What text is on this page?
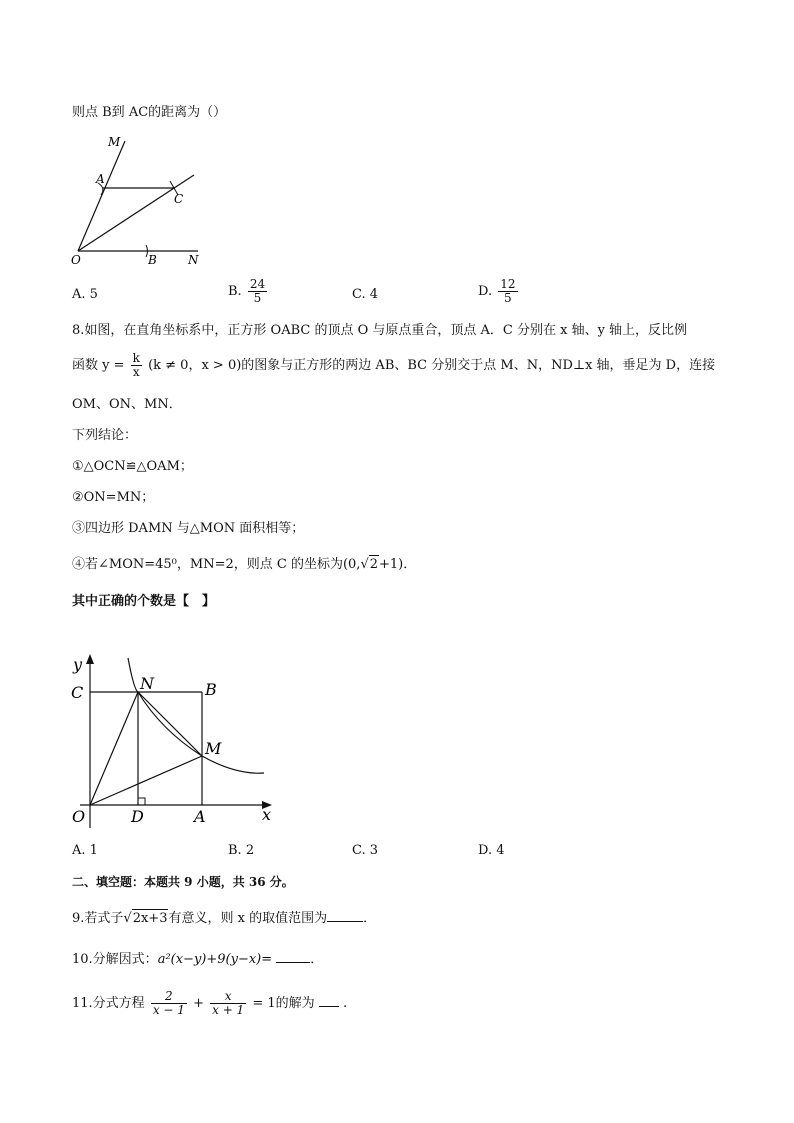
则点 B到 AC的距离为（）
M
A
C
O	B	N
A. 5	B. $\frac{24}{5}$	C. 4	D. $\frac{12}{5}$
8.如图，在直角坐标系中，正方形 OABC 的顶点 O 与原点重合，顶点 A．C 分别在 x 轴、y 轴上，反比例
函数 $y = \frac{k}{x} (k \ne 0$，x > 0)的图象与正方形的两边 AB、BC 分别交于点 M、N，ND⊥x 轴，垂足为 D，连接
OM、ON、MN．
下列结论：
①△OCN≌△OAM；
②ON=MN；
③四边形 DAMN 与△MON 面积相等；
④若∠MON=45⁰，MN=2，则点 C 的坐标为(0,√2+1)．
其中正确的个数是【　】
y
C	N	B
M
O	D	A	x
A. 1	B. 2	C. 3	D. 4
二、填空题：本题共 9 小题，共 36 分。
9.若式子√2x+3有意义，则 x 的取值范围为	．
10.分解因式：a²(x−y)+9(y−x)=	．
11.分式方程 $\frac{2}{x - 1} + \frac{x}{x + 1} = 1$的解为 .
